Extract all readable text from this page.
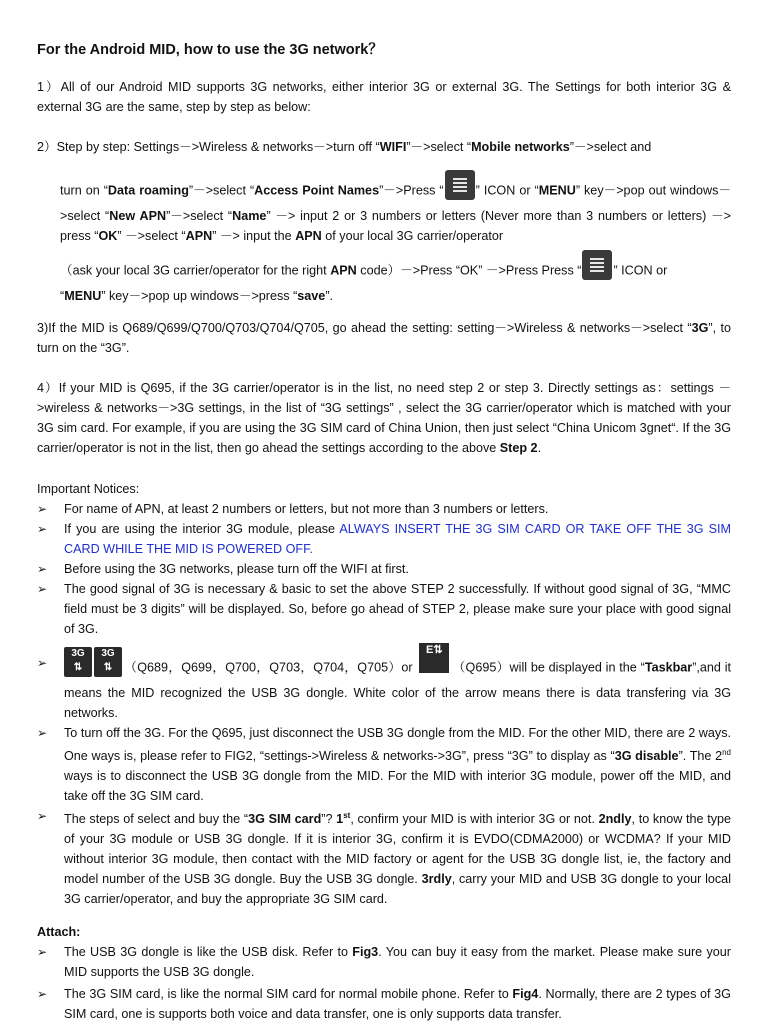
For the Android MID, how to use the 3G network？
1）All of our Android MID supports 3G networks, either interior 3G or external 3G. The Settings for both interior 3G & external 3G are the same, step by step as below:
2）Step by step: Settings－>Wireless & networks－>turn off “WIFI”－>select “Mobile networks”－>select and
turn on “Data roaming”－>select “Access Point Names”－>Press “	” ICON or “MENU” key－>pop out windows－>select “New APN”－>select “Name” －> input 2 or 3 numbers or letters (Never more than 3 numbers or letters) －> press “OK” －>select “APN” －> input the APN of your local 3G carrier/operator
（ask your local 3G carrier/operator for the right APN code）－>Press “OK” －>Press Press “	” ICON or
“MENU” key－>pop up windows－>press “save”.
3)If the MID is Q689/Q699/Q700/Q703/Q704/Q705, go ahead the setting: setting－>Wireless & networks－>select “3G”, to turn on the “3G”.
4）If your MID is Q695, if the 3G carrier/operator is in the list, no need step 2 or step 3. Directly settings as：settings －>wireless & networks－>3G settings, in the list of “3G settings” , select the 3G carrier/operator which is matched with your 3G sim card. For example, if you are using the 3G SIM card of China Union, then just select “China Unicom 3gnet“. If the 3G carrier/operator is not in the list, then go ahead the settings according to the above Step 2.
Important Notices:
➢ For name of APN, at least 2 numbers or letters, but not more than 3 numbers or letters.
➢ If you are using the interior 3G module, please ALWAYS INSERT THE 3G SIM CARD OR TAKE OFF THE 3G SIM CARD WHILE THE MID IS POWERED OFF.
➢ Before using the 3G networks, please turn off the WIFI at first.
➢ The good signal of 3G is necessary & basic to set the above STEP 2 successfully. If without good signal of 3G, “MMC field must be 3 digits” will be displayed. So, before go ahead of STEP 2, please make sure your place with good signal of 3G.
➢ 3G
⇅
3G
⇅ （Q689，Q699，Q700，Q703，Q704，Q705）or E⇅（Q695）will be displayed in the “Taskbar”,and it means the MID recognized the USB 3G dongle. White color of the arrow means there is data transfering via 3G networks.
➢ To turn off the 3G. For the Q695, just disconnect the USB 3G dongle from the MID. For the other MID, there are 2 ways. One ways is, please refer to FIG2, “settings->Wireless & networks->3G”, press “3G” to display as “3G disable”. The 2nd ways is to disconnect the USB 3G dongle from the MID. For the MID with interior 3G module, power off the MID, and take off the 3G SIM card.
➢ The steps of select and buy the “3G SIM card”? 1st, confirm your MID is with interior 3G or not. 2ndly, to know the type of your 3G module or USB 3G dongle. If it is interior 3G, confirm it is EVDO(CDMA2000) or WCDMA? If your MID without interior 3G module, then contact with the MID factory or agent for the USB 3G dongle list, ie, the factory and model number of the USB 3G dongle. Buy the USB 3G dongle. 3rdly, carry your MID and USB 3G dongle to your local 3G carrier/operator, and buy the appropriate 3G SIM card.
Attach:
➢ The USB 3G dongle is like the USB disk. Refer to Fig3. You can buy it easy from the market. Please make sure your MID supports the USB 3G dongle.
➢ The 3G SIM card, is like the normal SIM card for normal mobile phone. Refer to Fig4. Normally, there are 2 types of 3G SIM card, one is supports both voice and data transfer, one is only supports data transfer.
